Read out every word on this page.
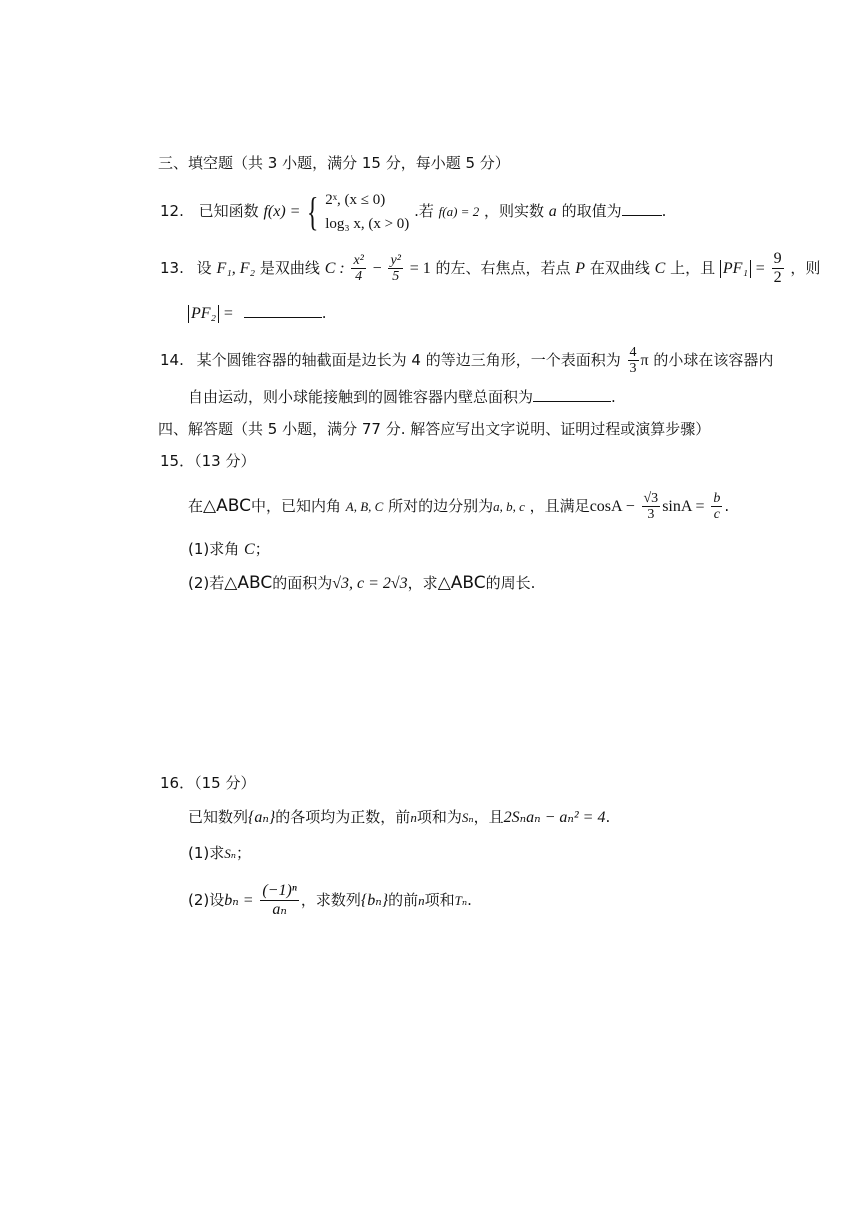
三、填空题（共 3 小题，满分 15 分，每小题 5 分）
12. 已知函数 f(x) = { 2ˣ, (x ≤ 0)
log₃ x, (x > 0)
.若 f(a) = 2 ，则实数 a 的取值为	.
13. 设 F₁, F₂ 是双曲线 C : $\frac{\text{x²}}{4} - \frac{\text{y²}}{5} = 1$ 的左、右焦点，若点 P 在双曲线 C 上，且 $PF_1 = \frac{9}{2}$ ，则
PF₂ =	.
14. 某个圆锥容器的轴截面是边长为 4 的等边三角形，一个表面积为 $\frac{4}{3}$ π 的小球在该容器内
自由运动，则小球能接触到的圆锥容器内壁总面积为	.
四、解答题（共 5 小题，满分 77 分. 解答应写出文字说明、证明过程或演算步骤）
15．（13 分）
在△ABC中，已知内角 A, B, C 所对的边分别为a, b, c ，且满足$\cos A - \frac{√3}{3}$ $\sin A = \frac{b}{c}$ .
(1)求角 C；
(2)若△ABC的面积为√3, c = 2√3，求△ABC的周长.
16．（15 分）
已知数列{aₙ}的各项均为正数，前n项和为Sₙ，且2Sₙaₙ − aₙ² = 4.
(1)求Sₙ；
(2)设$b_n = \frac{\text{(−1)ⁿ}}{\text{aₙ}}$ ，求数列{bₙ}的前n项和Tₙ.
